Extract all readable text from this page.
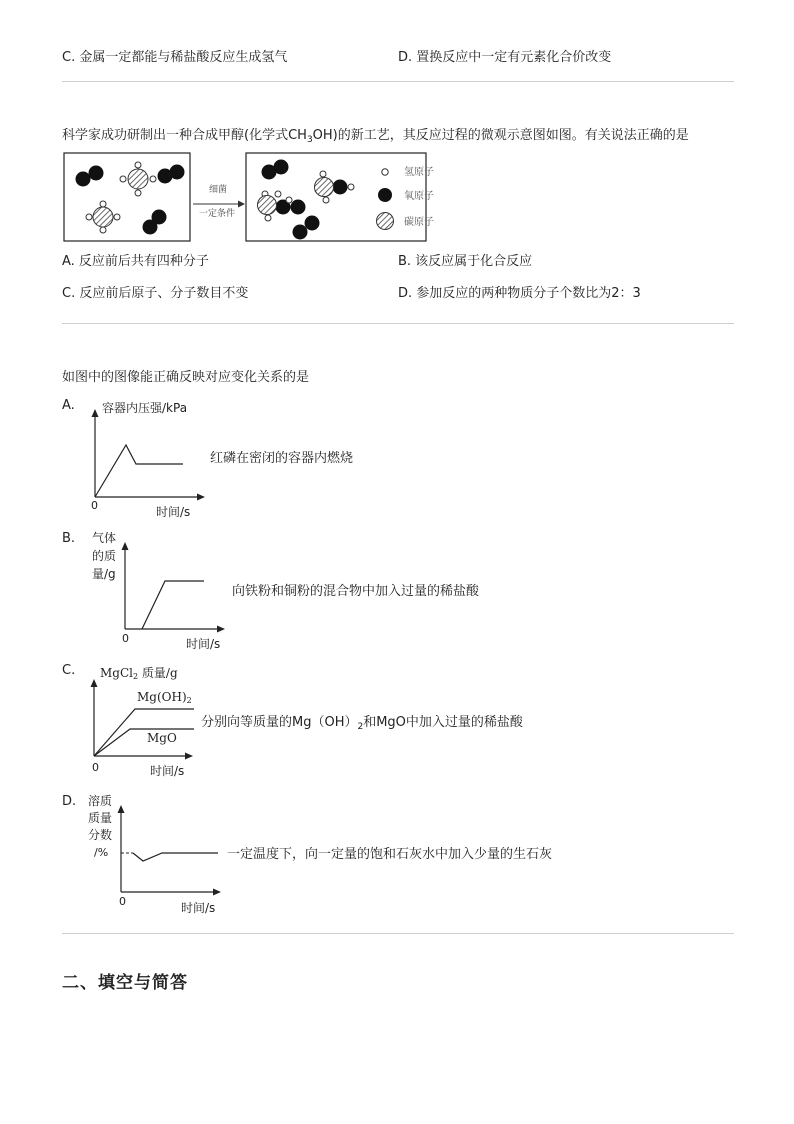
C. 金属一定都能与稀盐酸反应生成氢气	D. 置换反应中一定有元素化合价改变
科学家成功研制出一种合成甲醇(化学式$CH_3OH$)的新工艺，其反应过程的微观示意图如图。有关说法正确的是
细菌
一定条件
氢原子
氧原子
碳原子
A. 反应前后共有四种分子	B. 该反应属于化合反应
C. 反应前后原子、分子数目不变	D. 参加反应的两种物质分子个数比为2：3
如图中的图像能正确反映对应变化关系的是
A. 容器内压强/kPa
0	时间/s
红磷在密闭的容器内燃烧
B. 气体
的质
量/g
0	时间/s
向铁粉和铜粉的混合物中加入过量的稀盐酸
C. MgCl2 质量/g
Mg(OH)2
MgO
0	时间/s
分别向等质量的$Mg(OH)_2$和MgO中加入过量的稀盐酸
D. 溶质
质量
分数
/%
0	时间/s
一定温度下，向一定量的饱和石灰水中加入少量的生石灰
二、填空与简答
